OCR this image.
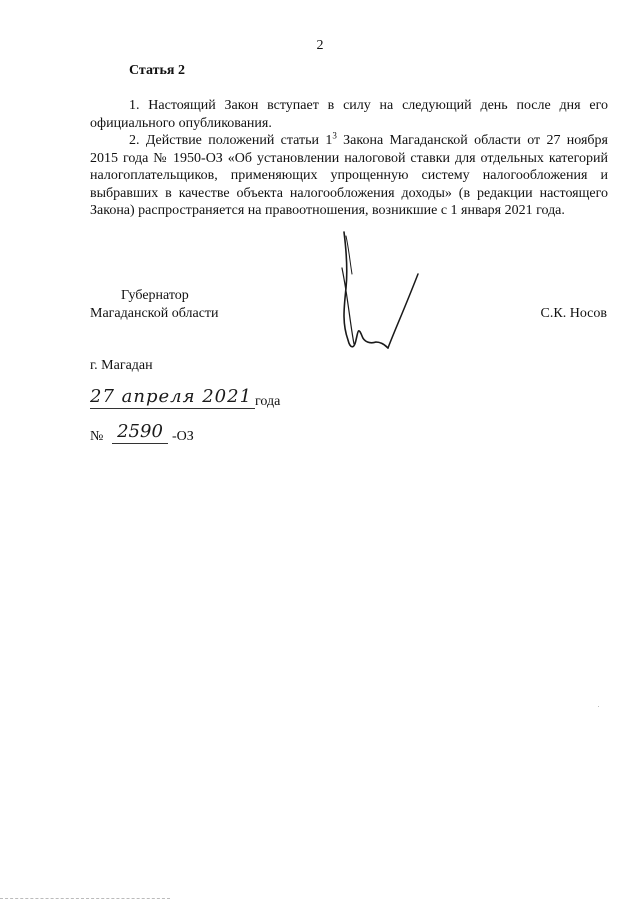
2
Статья 2
1. Настоящий Закон вступает в силу на следующий день после дня его официального опубликования.
2. Действие положений статьи $1^3$ Закона Магаданской области от 27 ноября 2015 года № 1950-ОЗ «Об установлении налоговой ставки для отдельных категорий налогоплательщиков, применяющих упрощенную систему налогообложения и выбравших в качестве объекта налогообложения доходы» (в редакции настоящего Закона) распространяется на правоотношения, возникшие с 1 января 2021 года.
Губернатор
Магаданской области	С.К. Носов
г. Магадан
27 апреля 2021 года
№ 2590 -ОЗ
